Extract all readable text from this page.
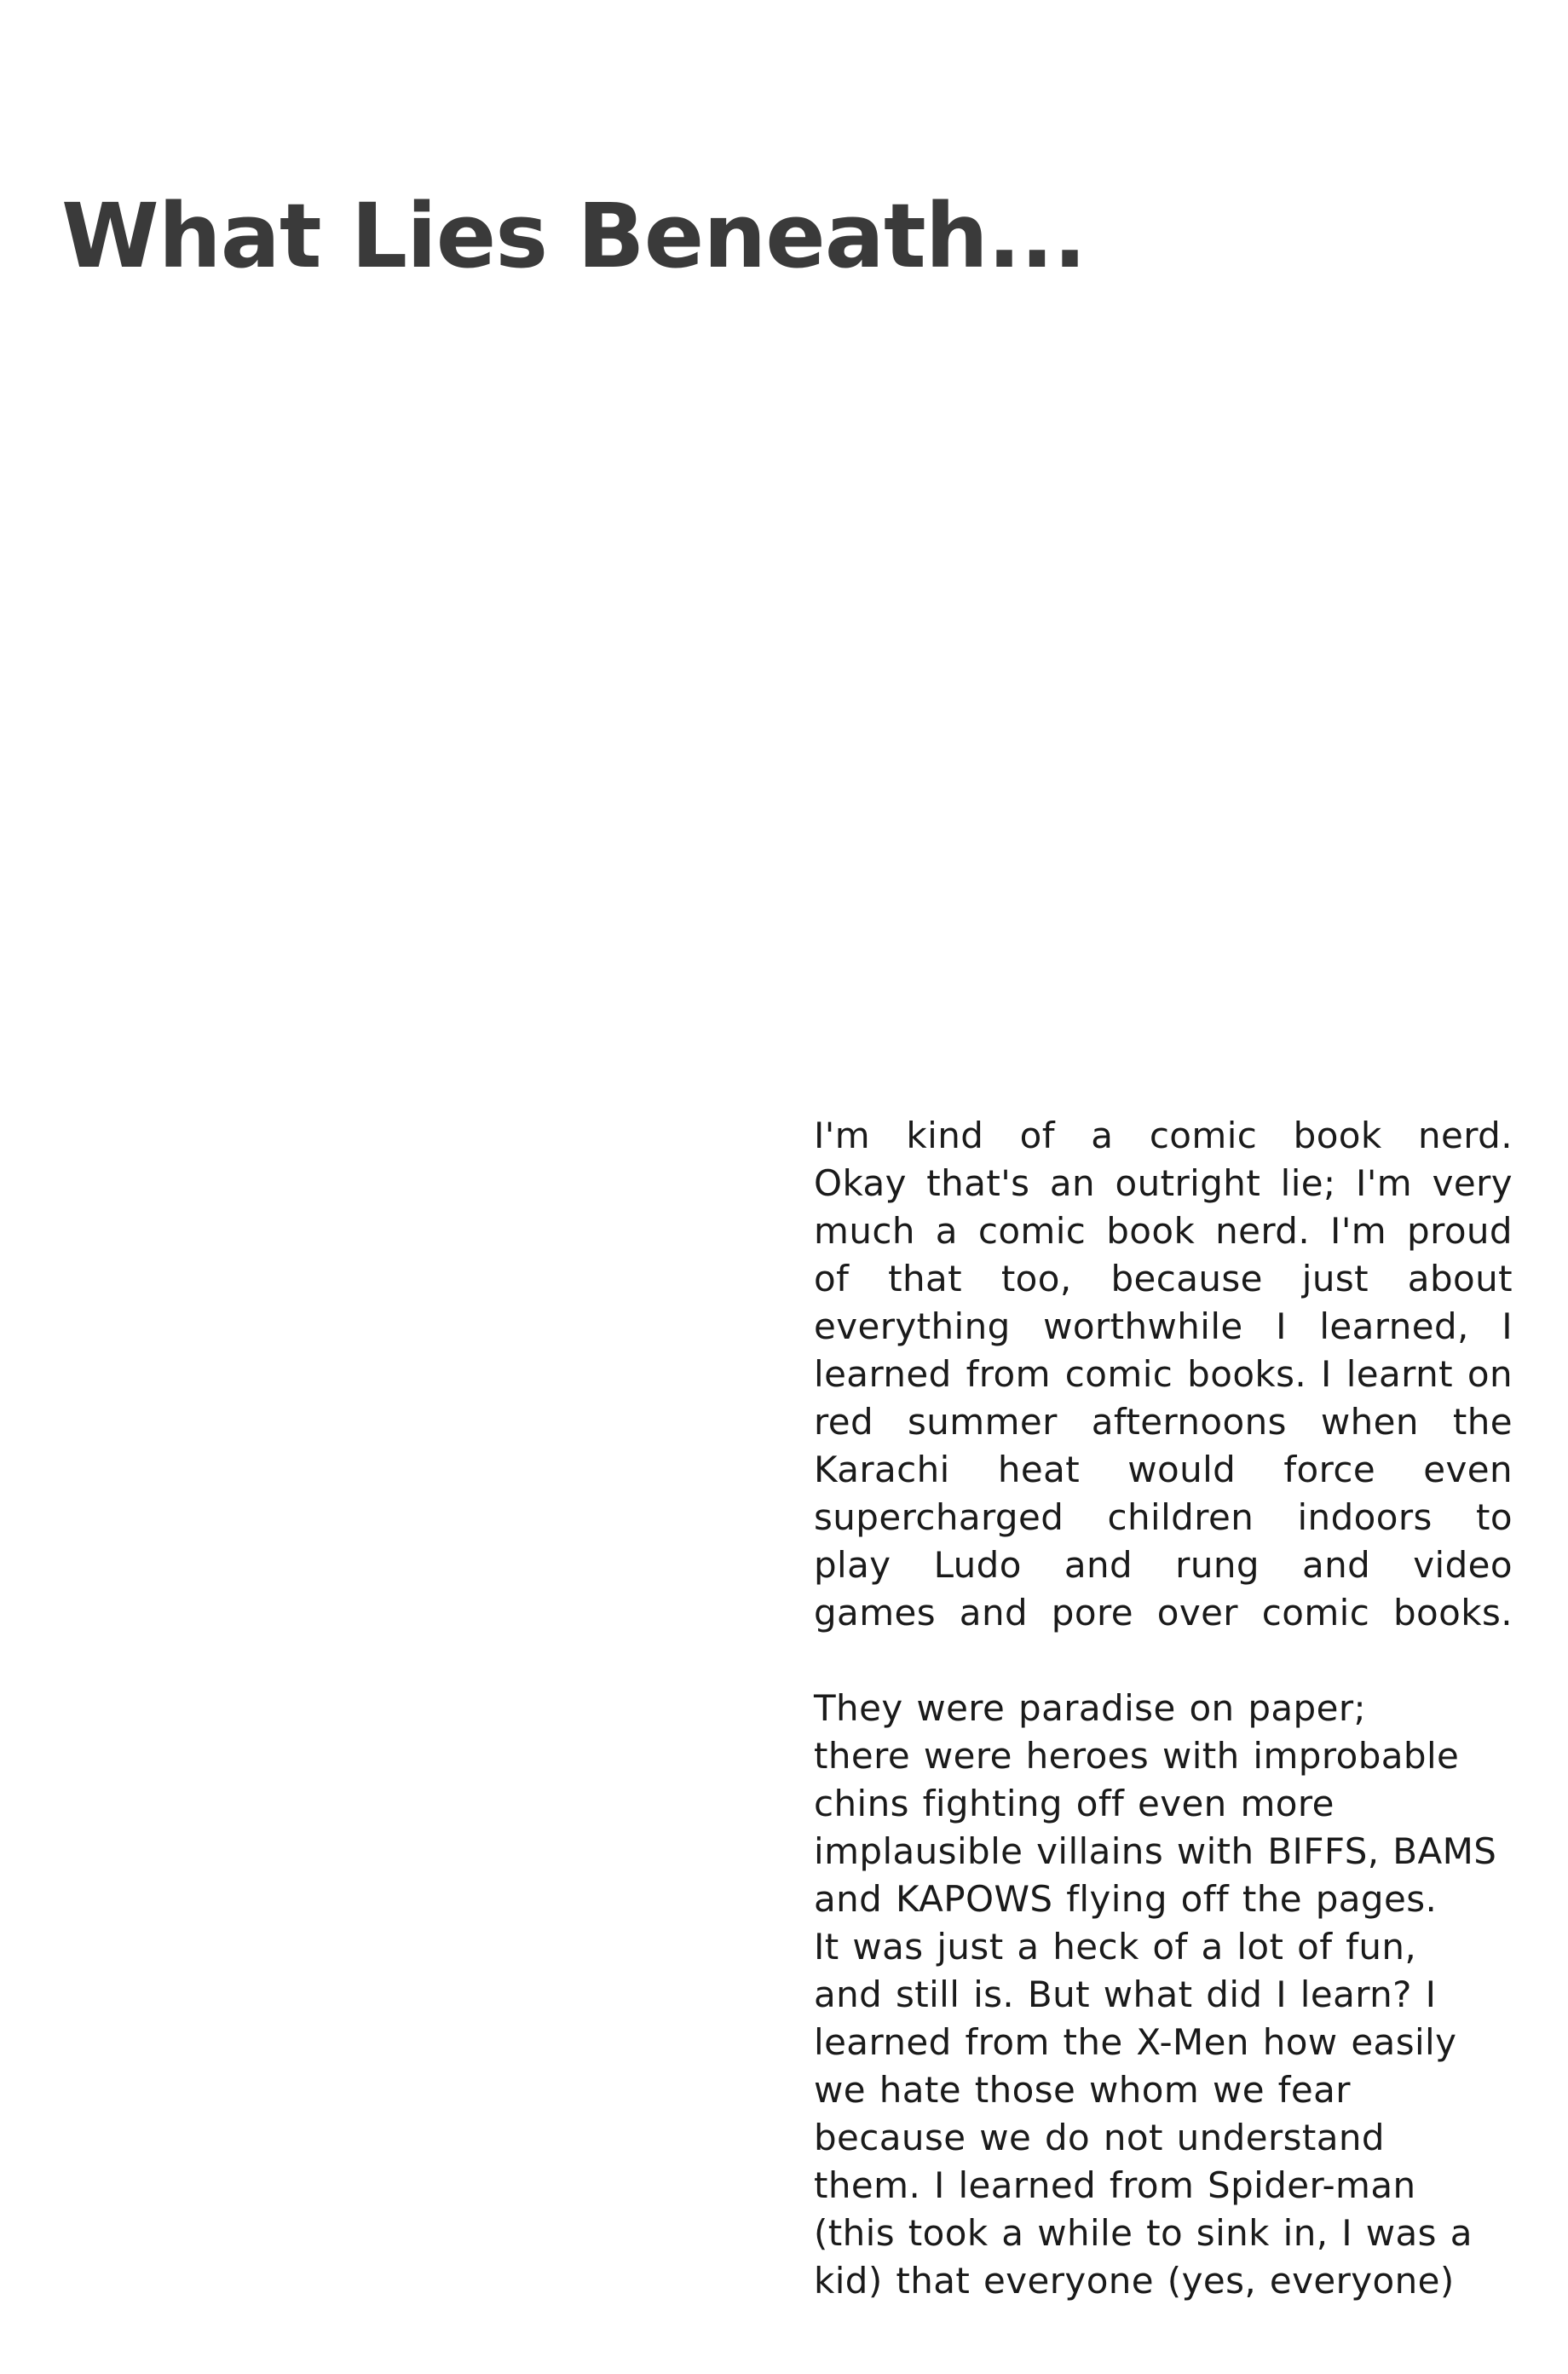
What Lies Beneath...
I'm kind of a comic book nerd.
Okay that's an outright lie; I'm very
much a comic book nerd. I'm proud
of that too, because just about
everything worthwhile I learned, I
learned from comic books. I learnt on
red summer afternoons when the
Karachi heat would force even
supercharged children indoors to
play Ludo and rung and video
games and pore over comic books.
They were paradise on paper;
there were heroes with improbable
chins fighting off even more
implausible villains with BIFFS, BAMS
and KAPOWS flying off the pages.
It was just a heck of a lot of fun,
and still is. But what did I learn? I
learned from the X-Men how easily
we hate those whom we fear
because we do not understand
them. I learned from Spider-man
(this took a while to sink in, I was a
kid) that everyone (yes, everyone)
